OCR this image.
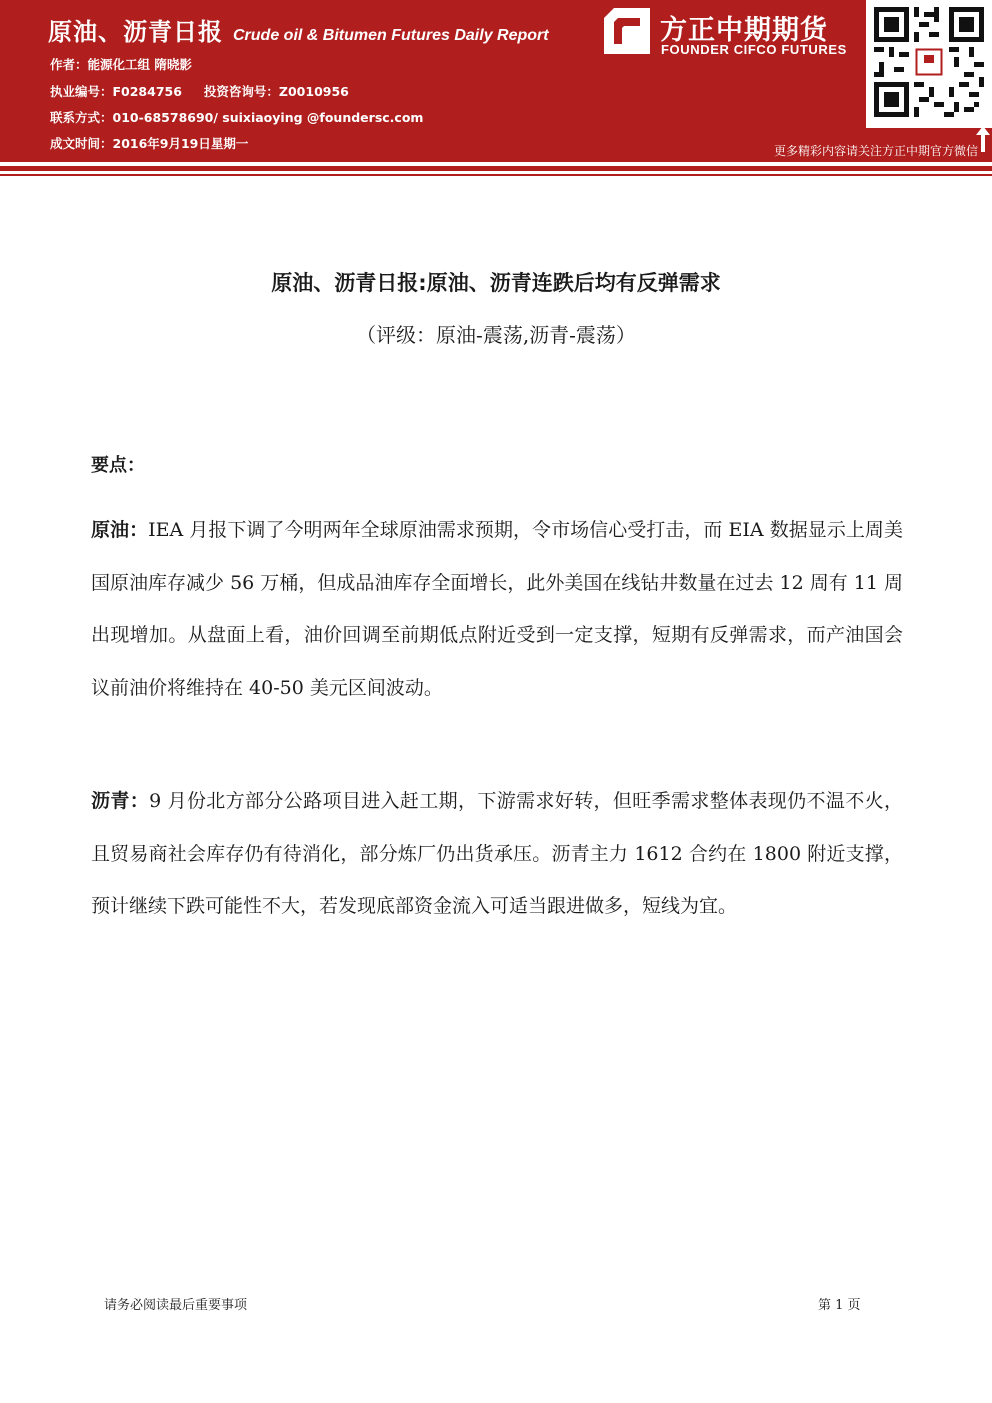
原油、沥青日报 Crude oil & Bitumen Futures Daily Report
作者：能源化工组 隋晓影
执业编号：F0284756 投资咨询号：Z0010956
联系方式：010-68578690/ suixiaoying @foundersc.com
成文时间：2016年9月19日星期一
方正中期期货
FOUNDER CIFCO FUTURES
更多精彩内容请关注方正中期官方微信
原油、沥青日报:原油、沥青连跌后均有反弹需求
（评级：原油-震荡,沥青-震荡）
要点：
原油：IEA 月报下调了今明两年全球原油需求预期，令市场信心受打击，而 EIA 数据显示上周美国原油库存减少 56 万桶，但成品油库存全面增长，此外美国在线钻井数量在过去 12 周有 11 周出现增加。从盘面上看，油价回调至前期低点附近受到一定支撑，短期有反弹需求，而产油国会议前油价将维持在 40-50 美元区间波动。
沥青：9 月份北方部分公路项目进入赶工期，下游需求好转，但旺季需求整体表现仍不温不火，且贸易商社会库存仍有待消化，部分炼厂仍出货承压。沥青主力 1612 合约在 1800 附近支撑，预计继续下跌可能性不大，若发现底部资金流入可适当跟进做多，短线为宜。
请务必阅读最后重要事项	第 1 页
